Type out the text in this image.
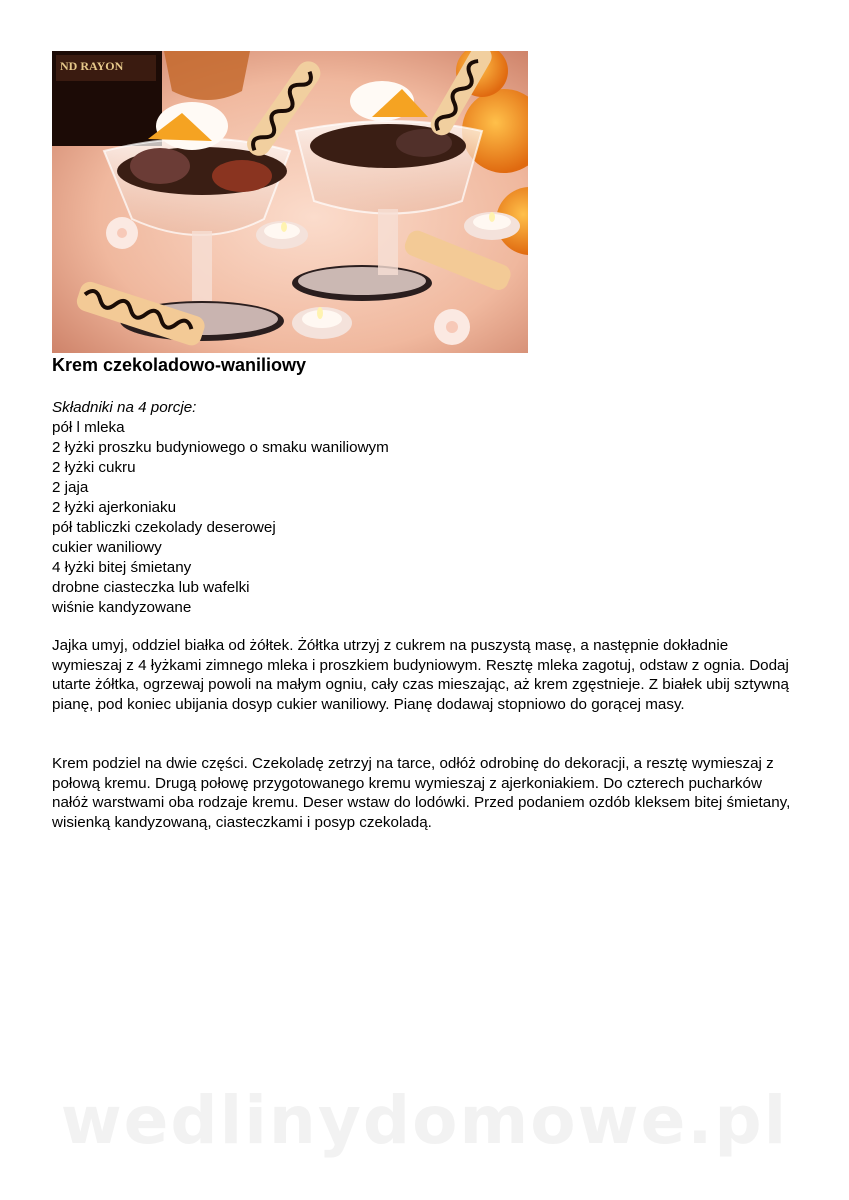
ND RAYON
Krem czekoladowo-waniliowy
Składniki na 4 porcje:
pół l mleka
2 łyżki proszku budyniowego o smaku waniliowym
2 łyżki cukru
2 jaja
2 łyżki ajerkoniaku
pół tabliczki czekolady deserowej
cukier waniliowy
4 łyżki bitej śmietany
drobne ciasteczka lub wafelki
wiśnie kandyzowane

Jajka umyj, oddziel białka od żółtek. Żółtka utrzyj z cukrem na puszystą masę, a następnie dokładnie wymieszaj z 4 łyżkami zimnego mleka i proszkiem budyniowym. Resztę mleka zagotuj, odstaw z ognia. Dodaj utarte żółtka, ogrzewaj powoli na małym ogniu, cały czas mieszając, aż krem zgęstnieje. Z białek ubij sztywną pianę, pod koniec ubijania dosyp cukier waniliowy. Pianę dodawaj stopniowo do gorącej masy.

Krem podziel na dwie części. Czekoladę zetrzyj na tarce, odłóż odrobinę do dekoracji, a resztę wymieszaj z połową kremu. Drugą połowę przygotowanego kremu wymieszaj z ajerkoniakiem. Do czterech pucharków nałóż warstwami oba rodzaje kremu. Deser wstaw do lodówki. Przed podaniem ozdób kleksem bitej śmietany, wisienką kandyzowaną, ciasteczkami i posyp czekoladą.

wedlinydomowe.pl
